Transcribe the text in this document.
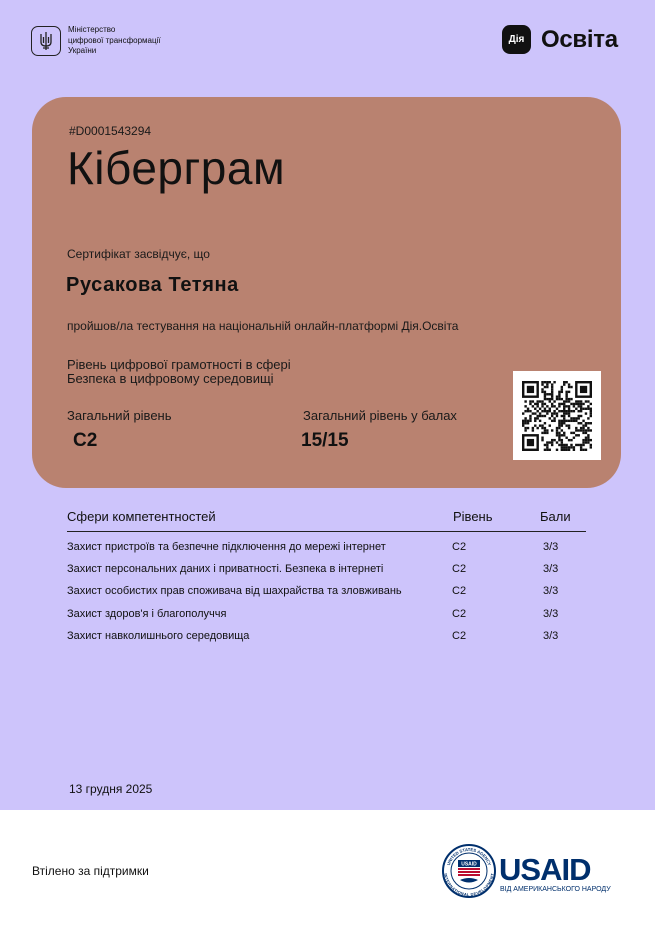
Міністерство
цифрової трансформації
України
Дія Освіта
#D0001543294
Кіберграм
Сертифікат засвідчує, що
Русакова Тетяна
пройшов/ла тестування на національній онлайн-платформі Дія.Освіта
Рівень цифрової грамотності в сфері
Безпека в цифровому середовищі
Загальний рівень
C2
Загальний рівень у балах
15/15
Сфери компетентностей	Рівень	Бали
Захист пристроїв та безпечне підключення до мережі інтернет	C2	3/3
Захист персональних даних і приватності. Безпека в інтернеті	C2	3/3
Захист особистих прав споживача від шахрайства та зловживань	C2	3/3
Захист здоров'я і благополуччя	C2	3/3
Захист навколишнього середовища	C2	3/3
13 грудня 2025
Втілено за підтримки
UNITED STATES AGENCY
INTERNATIONAL DEVELOPMENT
USAID USAID
ВІД АМЕРИКАНСЬКОГО НАРОДУ
